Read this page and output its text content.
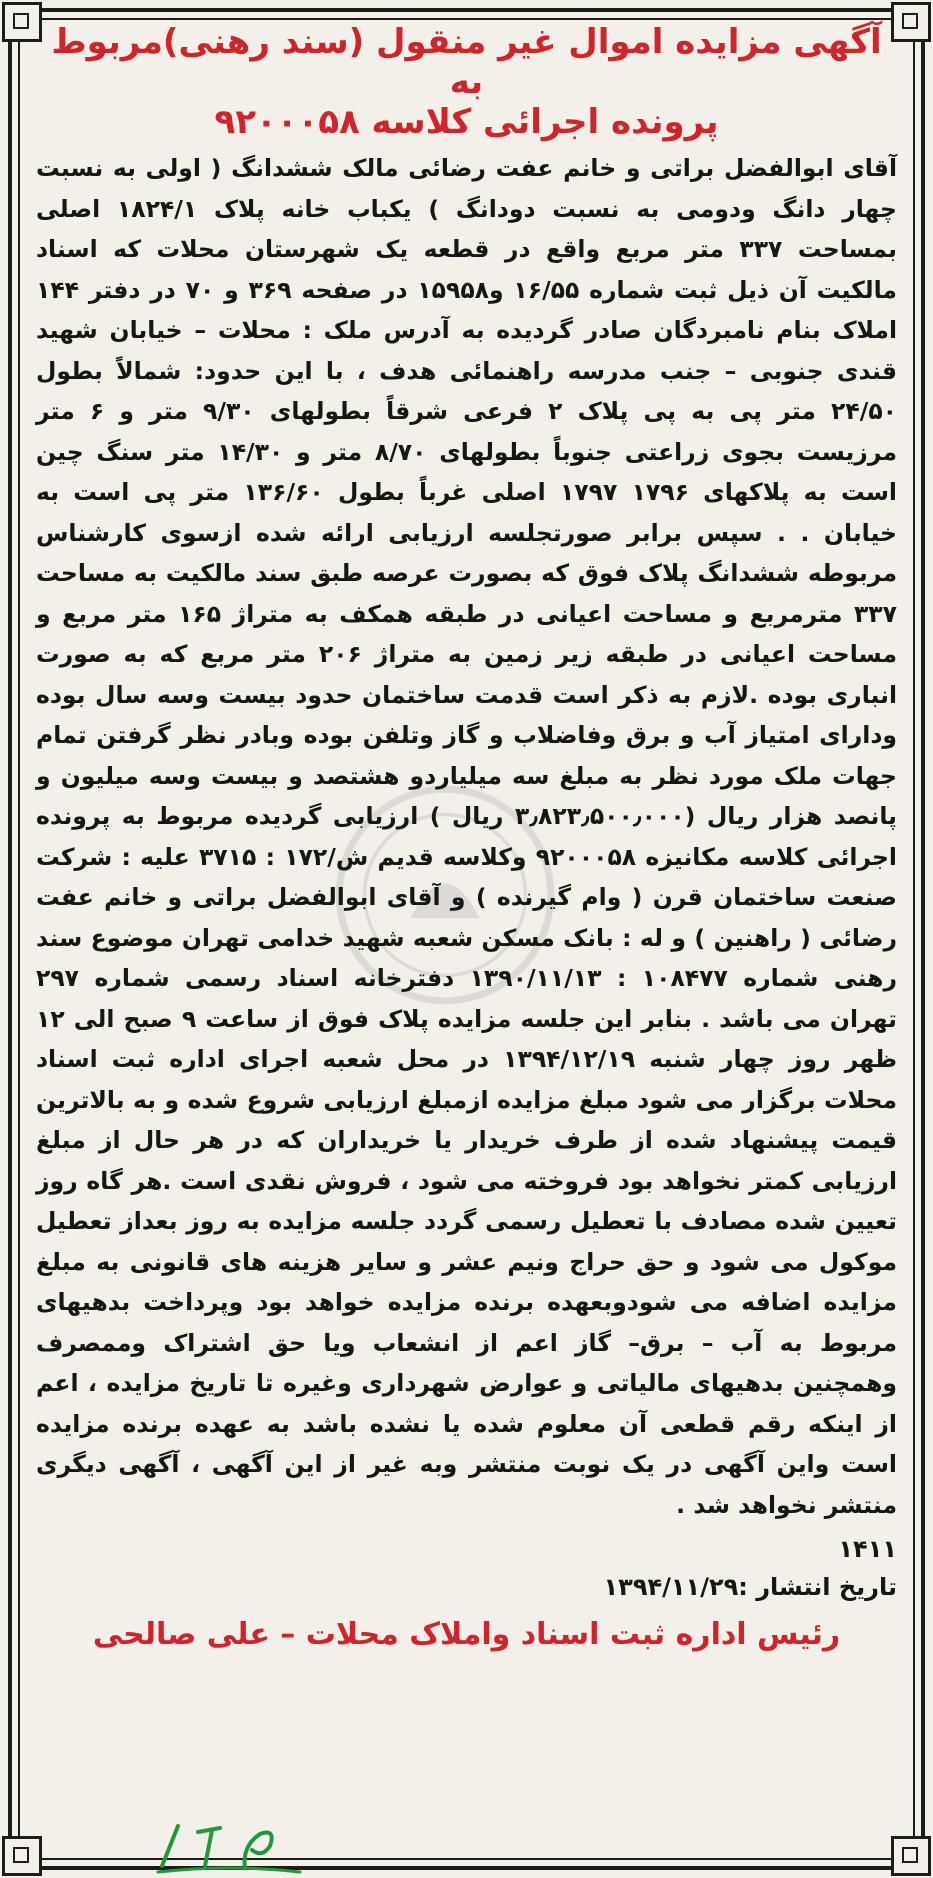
آگهی مزایده اموال غیر منقول (سند رهنی)مربوط به
پرونده اجرائی کلاسه ۹۲۰۰۰۵۸
آقای ابوالفضل براتی و خانم عفت رضائی مالک ششدانگ ( اولی به نسبت چهار دانگ ودومی به نسبت دودانگ ) یکباب خانه پلاک ۱۸۲۴/۱ اصلی بمساحت ۳۳۷ متر مربع واقع در قطعه یک شهرستان محلات که اسناد مالکیت آن ذیل ثبت شماره ۱۶/۵۵ و۱۵۹۵۸ در صفحه ۳۶۹ و ۷۰ در دفتر ۱۴۴ املاک بنام نامبردگان صادر گردیده به آدرس ملک : محلات – خیابان شهید قندی جنوبی – جنب مدرسه راهنمائی هدف ، با این حدود: شمالاً بطول ۲۴/۵۰ متر پی به پی پلاک ۲ فرعی شرقاً بطولهای ۹/۳۰ متر و ۶ متر مرزیست بجوی زراعتی جنوباً بطولهای ۸/۷۰ متر و ۱۴/۳۰ متر سنگ چین است به پلاکهای ۱۷۹۶ ۱۷۹۷ اصلی غرباً بطول ۱۳۶/۶۰ متر پی است به خیابان . . سپس برابر صورتجلسه ارزیابی ارائه شده ازسوی کارشناس مربوطه ششدانگ پلاک فوق که بصورت عرصه طبق سند مالکیت به مساحت ۳۳۷ مترمربع و مساحت اعیانی در طبقه همکف به متراژ ۱۶۵ متر مربع و مساحت اعیانی در طبقه زیر زمین به متراژ ۲۰۶ متر مربع که به صورت انباری بوده .لازم به ذکر است قدمت ساختمان حدود بیست وسه سال بوده ودارای امتیاز آب و برق وفاضلاب و گاز وتلفن بوده وبادر نظر گرفتن تمام جهات ملک مورد نظر به مبلغ سه میلیاردو هشتصد و بیست وسه میلیون و پانصد هزار ریال (۳٫۸۲۳٫۵۰۰٫۰۰۰ ریال ) ارزیابی گردیده مربوط به پرونده اجرائی کلاسه مکانیزه ۹۲۰۰۰۵۸ وکلاسه قدیم ش/۱۷۲ : ۳۷۱۵ علیه : شرکت صنعت ساختمان قرن ( وام گیرنده ) و آقای ابوالفضل براتی و خانم عفت رضائی ( راهنین ) و له : بانک مسکن شعبه شهید خدامی تهران موضوع سند رهنی شماره ۱۰۸۴۷۷ : ۱۳۹۰/۱۱/۱۳ دفترخانه اسناد رسمی شماره ۲۹۷ تهران می باشد . بنابر این جلسه مزایده پلاک فوق از ساعت ۹ صبح الی ۱۲ ظهر روز چهار شنبه ۱۳۹۴/۱۲/۱۹ در محل شعبه اجرای اداره ثبت اسناد محلات برگزار می شود مبلغ مزایده ازمبلغ ارزیابی شروع شده و به بالاترین قیمت پیشنهاد شده از طرف خریدار یا خریداران که در هر حال از مبلغ ارزیابی کمتر نخواهد بود فروخته می شود ، فروش نقدی است .هر گاه روز تعیین شده مصادف با تعطیل رسمی گردد جلسه مزایده به روز بعداز تعطیل موکول می شود و حق حراج ونیم عشر و سایر هزینه های قانونی به مبلغ مزایده اضافه می شودوبعهده برنده مزایده خواهد بود وپرداخت بدهیهای مربوط به آب – برق– گاز اعم از انشعاب ویا حق اشتراک وممصرف وهمچنین بدهیهای مالیاتی و عوارض شهرداری وغیره تا تاریخ مزایده ، اعم از اینکه رقم قطعی آن معلوم شده یا نشده باشد به عهده برنده مزایده است واین آگهی در یک نوبت منتشر وبه غیر از این آگهی ، آگهی دیگری منتشر نخواهد شد .
۱۴۱۱
تاریخ انتشار :۱۳۹۴/۱۱/۲۹
رئیس اداره ثبت اسناد واملاک محلات – علی صالحی
